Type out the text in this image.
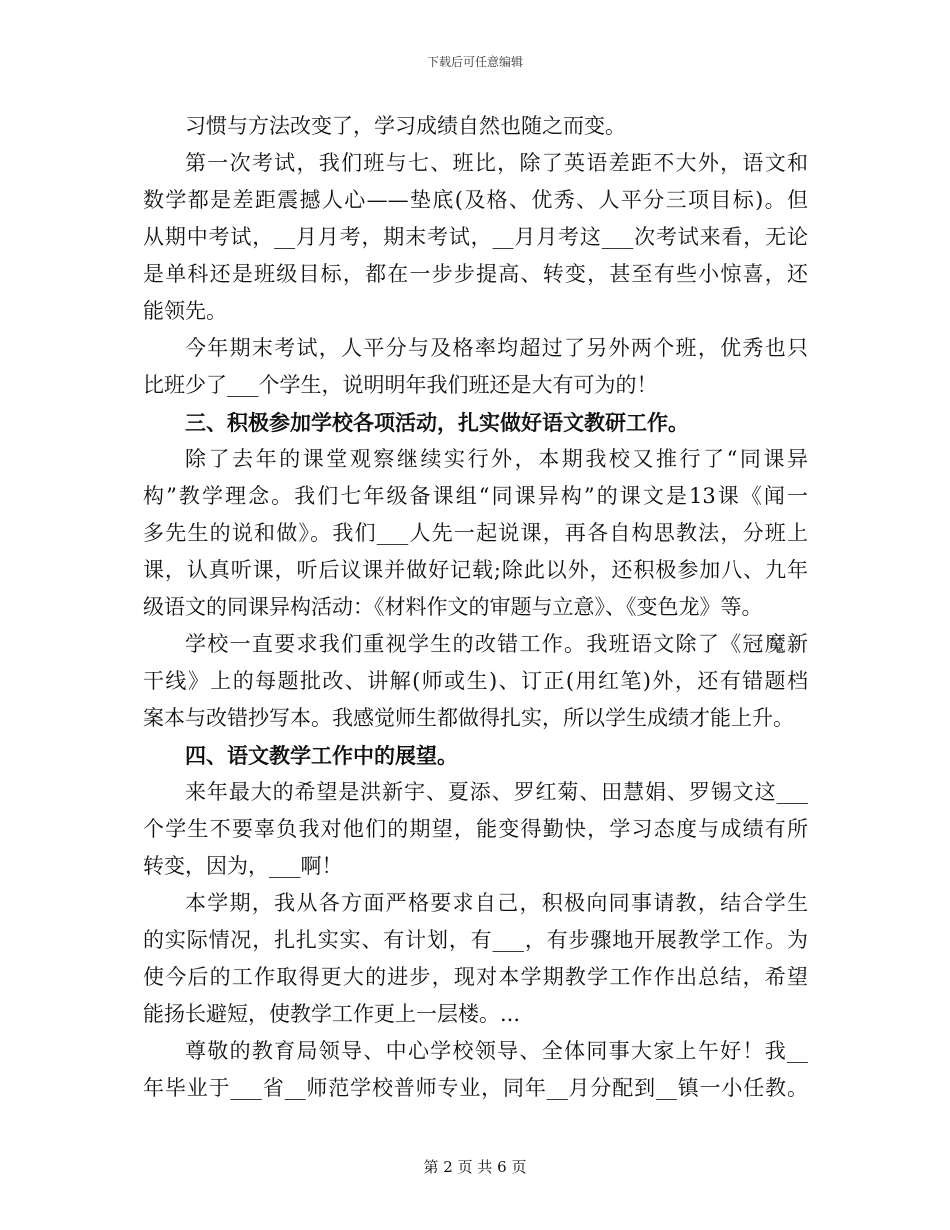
下载后可任意编辑
习惯与方法改变了，学习成绩自然也随之而变。
第一次考试，我们班与七、班比，除了英语差距不大外，语文和
数学都是差距震撼人心——垫底(及格、优秀、人平分三项目标)。但
从期中考试，__月月考，期末考试，__月月考这___次考试来看，无论
是单科还是班级目标，都在一步步提高、转变，甚至有些小惊喜，还
能领先。
今年期末考试，人平分与及格率均超过了另外两个班，优秀也只
比班少了___个学生，说明明年我们班还是大有可为的！
三、积极参加学校各项活动，扎实做好语文教研工作。
除了去年的课堂观察继续实行外，本期我校又推行了“同课异
构”教学理念。我们七年级备课组“同课异构”的课文是13课《闻一
多先生的说和做》。我们___人先一起说课，再各自构思教法，分班上
课，认真听课，听后议课并做好记载;除此以外，还积极参加八、九年
级语文的同课异构活动：《材料作文的审题与立意》、《变色龙》等。
学校一直要求我们重视学生的改错工作。我班语文除了《冠魔新
干线》上的每题批改、讲解(师或生)、订正(用红笔)外，还有错题档
案本与改错抄写本。我感觉师生都做得扎实，所以学生成绩才能上升。
四、语文教学工作中的展望。
来年最大的希望是洪新宇、夏添、罗红菊、田慧娟、罗锡文这___
个学生不要辜负我对他们的期望，能变得勤快，学习态度与成绩有所
转变，因为，___啊！
本学期，我从各方面严格要求自己，积极向同事请教，结合学生
的实际情况，扎扎实实、有计划，有___，有步骤地开展教学工作。为
使今后的工作取得更大的进步，现对本学期教学工作作出总结，希望
能扬长避短，使教学工作更上一层楼。...
尊敬的教育局领导、中心学校领导、全体同事大家上午好！我__
年毕业于___省__师范学校普师专业，同年__月分配到__镇一小任教。
第 2 页 共 6 页
